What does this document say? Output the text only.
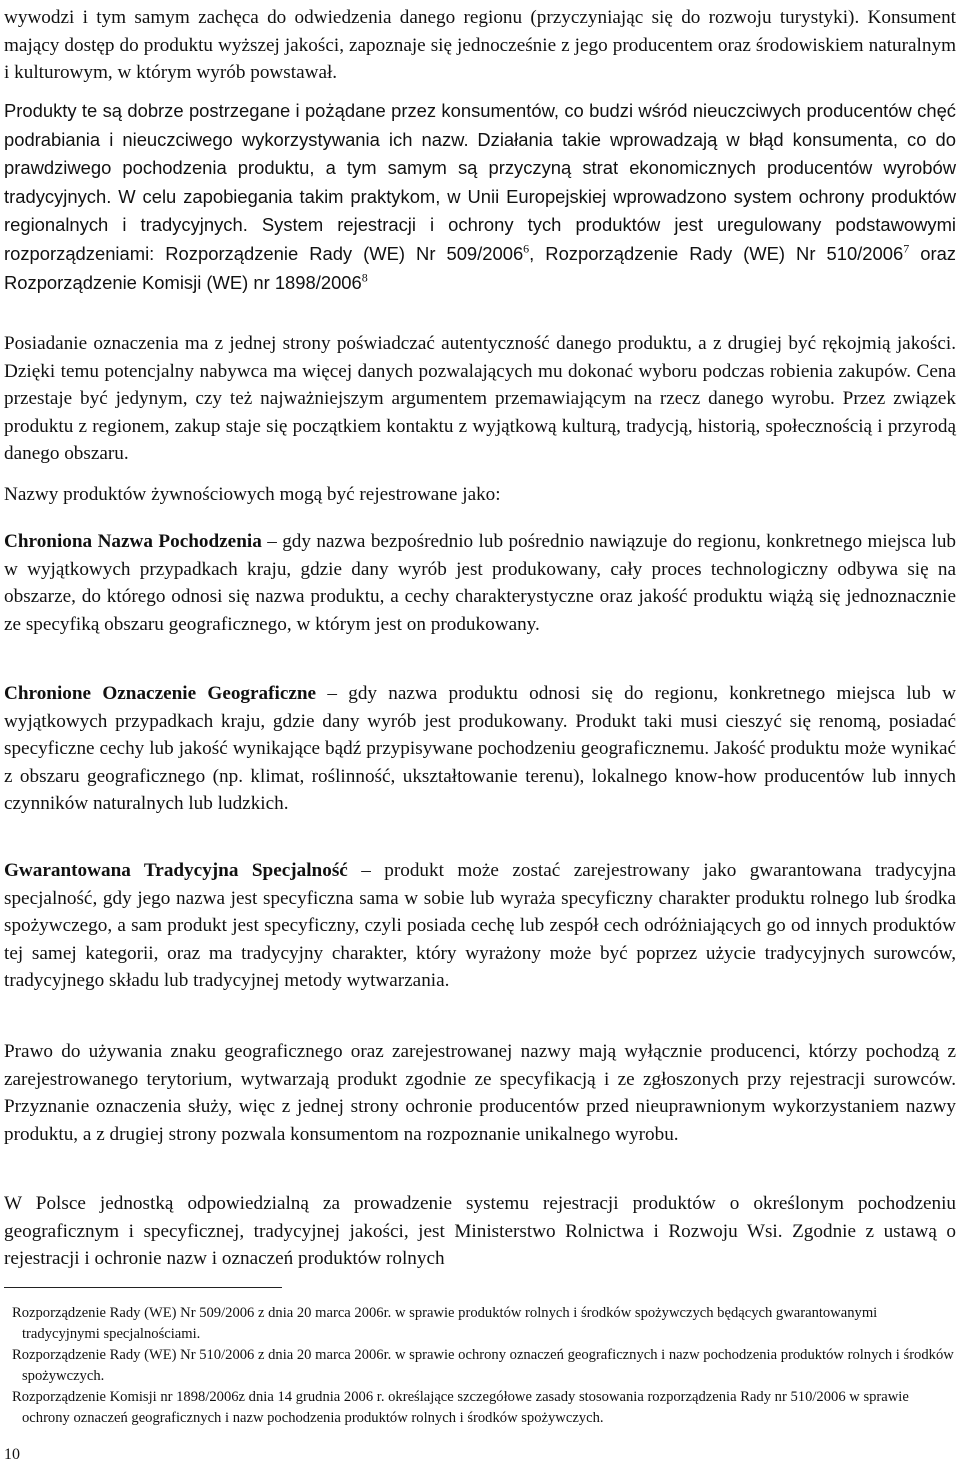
wywodzi i tym samym zachęca do odwiedzenia danego regionu (przyczyniając się do rozwoju turystyki). Konsument mający dostęp do produktu wyższej jakości, zapoznaje się jednocześnie z jego producentem oraz środowiskiem naturalnym i kulturowym, w którym wyrób powstawał.

Produkty te są dobrze postrzegane i pożądane przez konsumentów, co budzi wśród nieuczciwych producentów chęć podrabiania i nieuczciwego wykorzystywania ich nazw. Działania takie wprowadzają w błąd konsumenta, co do prawdziwego pochodzenia produktu, a tym samym są przyczyną strat ekonomicznych producentów wyrobów tradycyjnych. W celu zapobiegania takim praktykom, w Unii Europejskiej wprowadzono system ochrony produktów regionalnych i tradycyjnych. System rejestracji i ochrony tych produktów jest uregulowany podstawowymi rozporządzeniami: Rozporządzenie Rady (WE) Nr 509/2006$^6$, Rozporządzenie Rady (WE) Nr 510/2006$^7$ oraz Rozporządzenie Komisji (WE) nr 1898/2006$^8$

Posiadanie oznaczenia ma z jednej strony poświadczać autentyczność danego produktu, a z drugiej być rękojmią jakości. Dzięki temu potencjalny nabywca ma więcej danych pozwalających mu dokonać wyboru podczas robienia zakupów. Cena przestaje być jedynym, czy też najważniejszym argumentem przemawiającym na rzecz danego wyrobu. Przez związek produktu z regionem, zakup staje się początkiem kontaktu z wyjątkową kulturą, tradycją, historią, społecznością i przyrodą danego obszaru.

Nazwy produktów żywnościowych mogą być rejestrowane jako:

Chroniona Nazwa Pochodzenia – gdy nazwa bezpośrednio lub pośrednio nawiązuje do regionu, konkretnego miejsca lub w wyjątkowych przypadkach kraju, gdzie dany wyrób jest produkowany, cały proces technologiczny odbywa się na obszarze, do którego odnosi się nazwa produktu, a cechy charakterystyczne oraz jakość produktu wiążą się jednoznacznie ze specyfiką obszaru geograficznego, w którym jest on produkowany.

Chronione Oznaczenie Geograficzne – gdy nazwa produktu odnosi się do regionu, konkretnego miejsca lub w wyjątkowych przypadkach kraju, gdzie dany wyrób jest produkowany. Produkt taki musi cieszyć się renomą, posiadać specyficzne cechy lub jakość wynikające bądź przypisywane pochodzeniu geograficznemu. Jakość produktu może wynikać z obszaru geograficznego (np. klimat, roślinność, ukształtowanie terenu), lokalnego know-how producentów lub innych czynników naturalnych lub ludzkich.

Gwarantowana Tradycyjna Specjalność – produkt może zostać zarejestrowany jako gwarantowana tradycyjna specjalność, gdy jego nazwa jest specyficzna sama w sobie lub wyraża specyficzny charakter produktu rolnego lub środka spożywczego, a sam produkt jest specyficzny, czyli posiada cechę lub zespół cech odróżniających go od innych produktów tej samej kategorii, oraz ma tradycyjny charakter, który wyrażony może być poprzez użycie tradycyjnych surowców, tradycyjnego składu lub tradycyjnej metody wytwarzania.

Prawo do używania znaku geograficznego oraz zarejestrowanej nazwy mają wyłącznie producenci, którzy pochodzą z zarejestrowanego terytorium, wytwarzają produkt zgodnie ze specyfikacją i ze zgłoszonych przy rejestracji surowców. Przyznanie oznaczenia służy, więc z jednej strony ochronie producentów przed nieuprawnionym wykorzystaniem nazwy produktu, a z drugiej strony pozwala konsumentom na rozpoznanie unikalnego wyrobu.

W Polsce jednostką odpowiedzialną za prowadzenie systemu rejestracji produktów o określonym pochodzeniu geograficznym i specyficznej, tradycyjnej jakości, jest Ministerstwo Rolnictwa i Rozwoju Wsi. Zgodnie z ustawą o rejestracji i ochronie nazw i oznaczeń produktów rolnych

Rozporządzenie Rady (WE) Nr 509/2006 z dnia 20 marca 2006r. w sprawie produktów rolnych i środków spożywczych będących gwarantowanymi tradycyjnymi specjalnościami.
Rozporządzenie Rady (WE) Nr 510/2006 z dnia 20 marca 2006r. w sprawie ochrony oznaczeń geograficznych i nazw pochodzenia produktów rolnych i środków spożywczych.
Rozporządzenie Komisji nr 1898/2006z dnia 14 grudnia 2006 r. określające szczegółowe zasady stosowania rozporządzenia Rady nr 510/2006 w sprawie ochrony oznaczeń geograficznych i nazw pochodzenia produktów rolnych i środków spożywczych.
10
